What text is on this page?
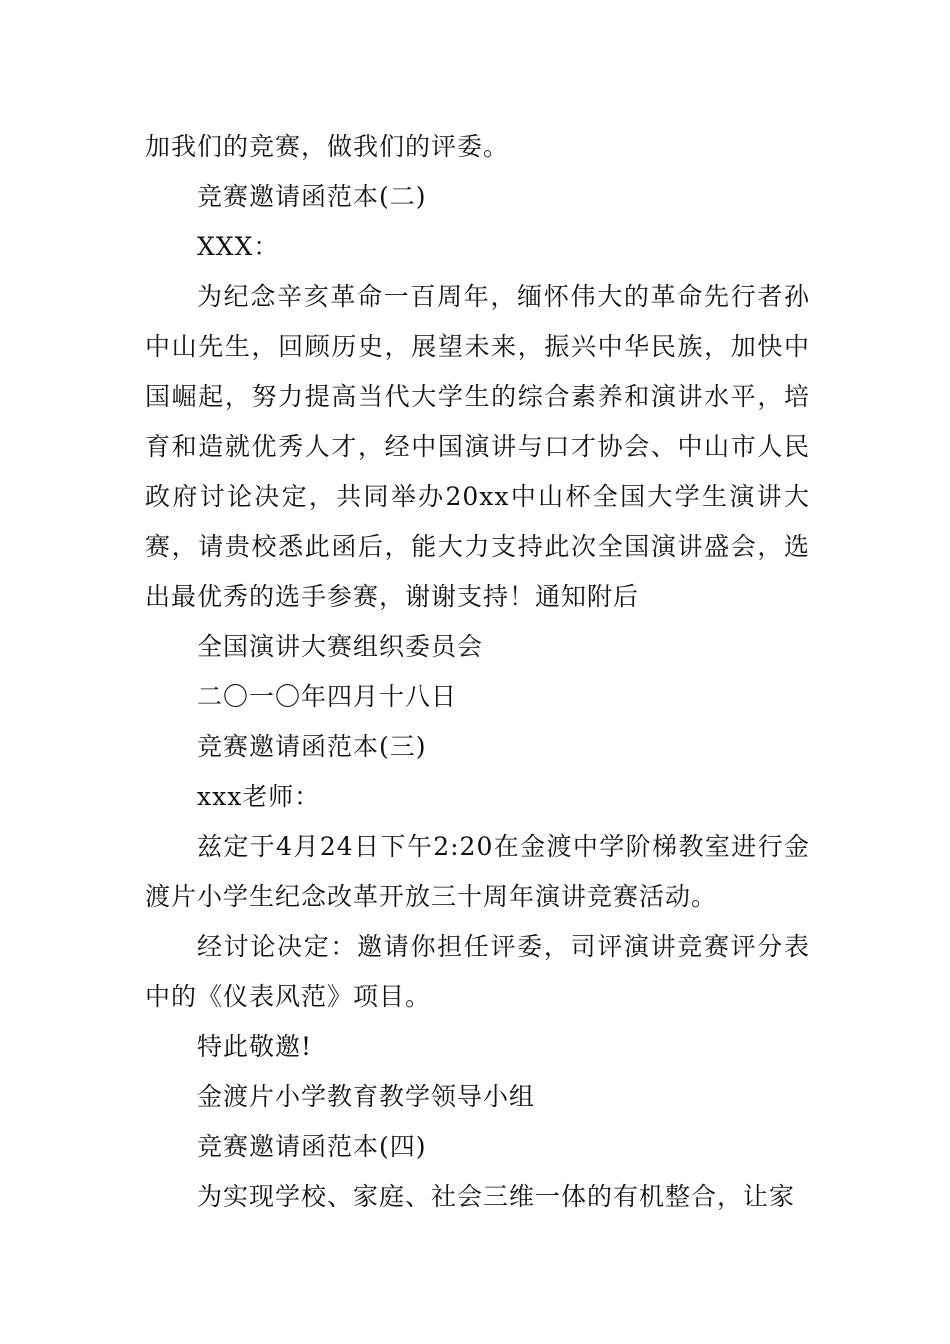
加我们的竞赛，做我们的评委。

竞赛邀请函范本(二)

XXX：

为纪念辛亥革命一百周年，缅怀伟大的革命先行者孙中山先生，回顾历史，展望未来，振兴中华民族，加快中国崛起，努力提高当代大学生的综合素养和演讲水平，培育和造就优秀人才，经中国演讲与口才协会、中山市人民政府讨论决定，共同举办20xx中山杯全国大学生演讲大赛，请贵校悉此函后，能大力支持此次全国演讲盛会，选出最优秀的选手参赛，谢谢支持！通知附后

全国演讲大赛组织委员会

二〇一〇年四月十八日

竞赛邀请函范本(三)

xxx老师：

兹定于4月24日下午2:20在金渡中学阶梯教室进行金渡片小学生纪念改革开放三十周年演讲竞赛活动。

经讨论决定：邀请你担任评委，司评演讲竞赛评分表中的《仪表风范》项目。

特此敬邀!

金渡片小学教育教学领导小组

竞赛邀请函范本(四)

为实现学校、家庭、社会三维一体的有机整合，让家
